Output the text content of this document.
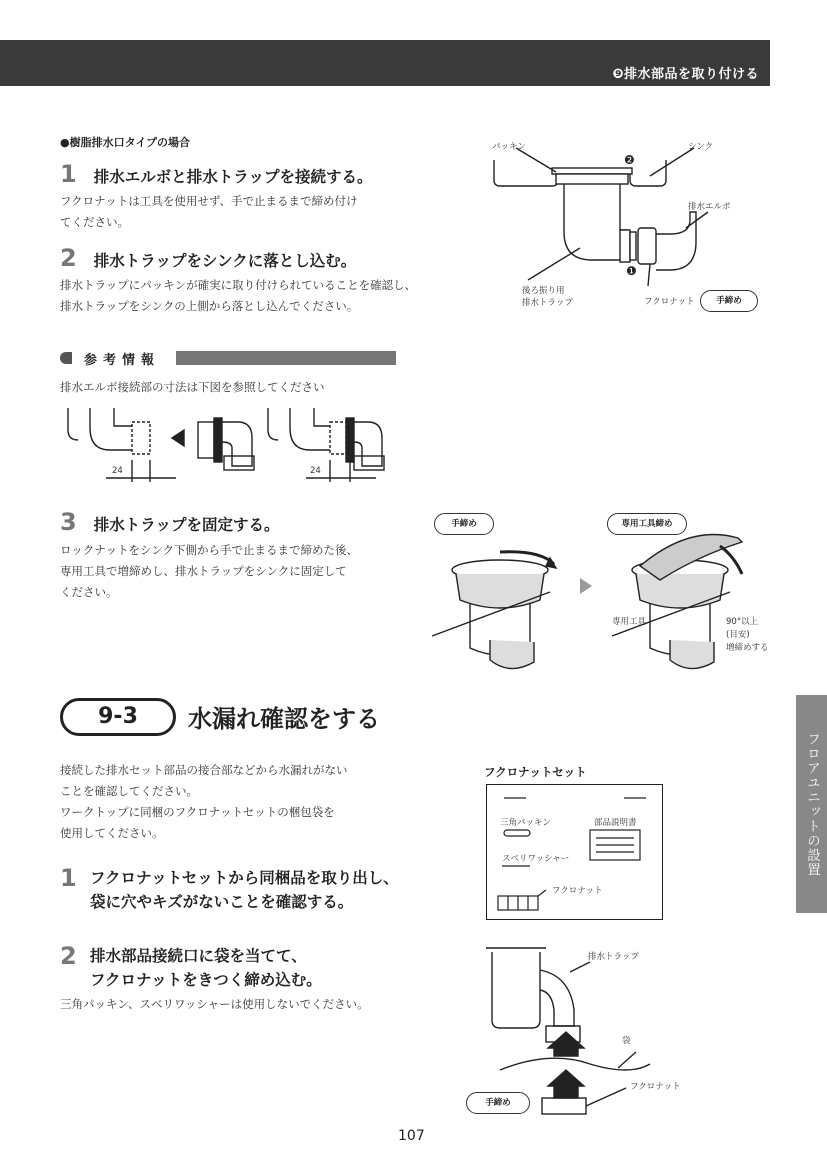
❾排水部品を取り付ける
●樹脂排水口タイプの場合
1 排水エルボと排水トラップを接続する。
フクロナットは工具を使用せず、手で止まるまで締め付け
てください。
2 排水トラップをシンクに落とし込む。
排水トラップにパッキンが確実に取り付けられていることを確認し、
排水トラップをシンクの上側から落とし込んでください。
パッキン	シンク
❷
排水エルボ
❶
後ろ振り用
排水トラップ	フクロナット	手締め
参考情報
排水エルボ接続部の寸法は下図を参照してください
24	24
3 排水トラップを固定する。
ロックナットをシンク下側から手で止まるまで締めた後、
専用工具で増締めし、排水トラップをシンクに固定して
ください。
手締め	専用工具締め
専用工具	90°以上
(目安)
増締めする
9-3	水漏れ確認をする
接続した排水セット部品の接合部などから水漏れがない
ことを確認してください。
ワークトップに同梱のフクロナットセットの梱包袋を
使用してください。
1 フクロナットセットから同梱品を取り出し、
袋に穴やキズがないことを確認する。
2 排水部品接続口に袋を当てて、
フクロナットをきつく締め込む。
三角パッキン、スベリワッシャーは使用しないでください。
フクロナットセット
三角パッキン	部品説明書
スベリワッシャー
フクロナット
排水トラップ
袋
フクロナット
手締め
フロアユニットの設置
107
